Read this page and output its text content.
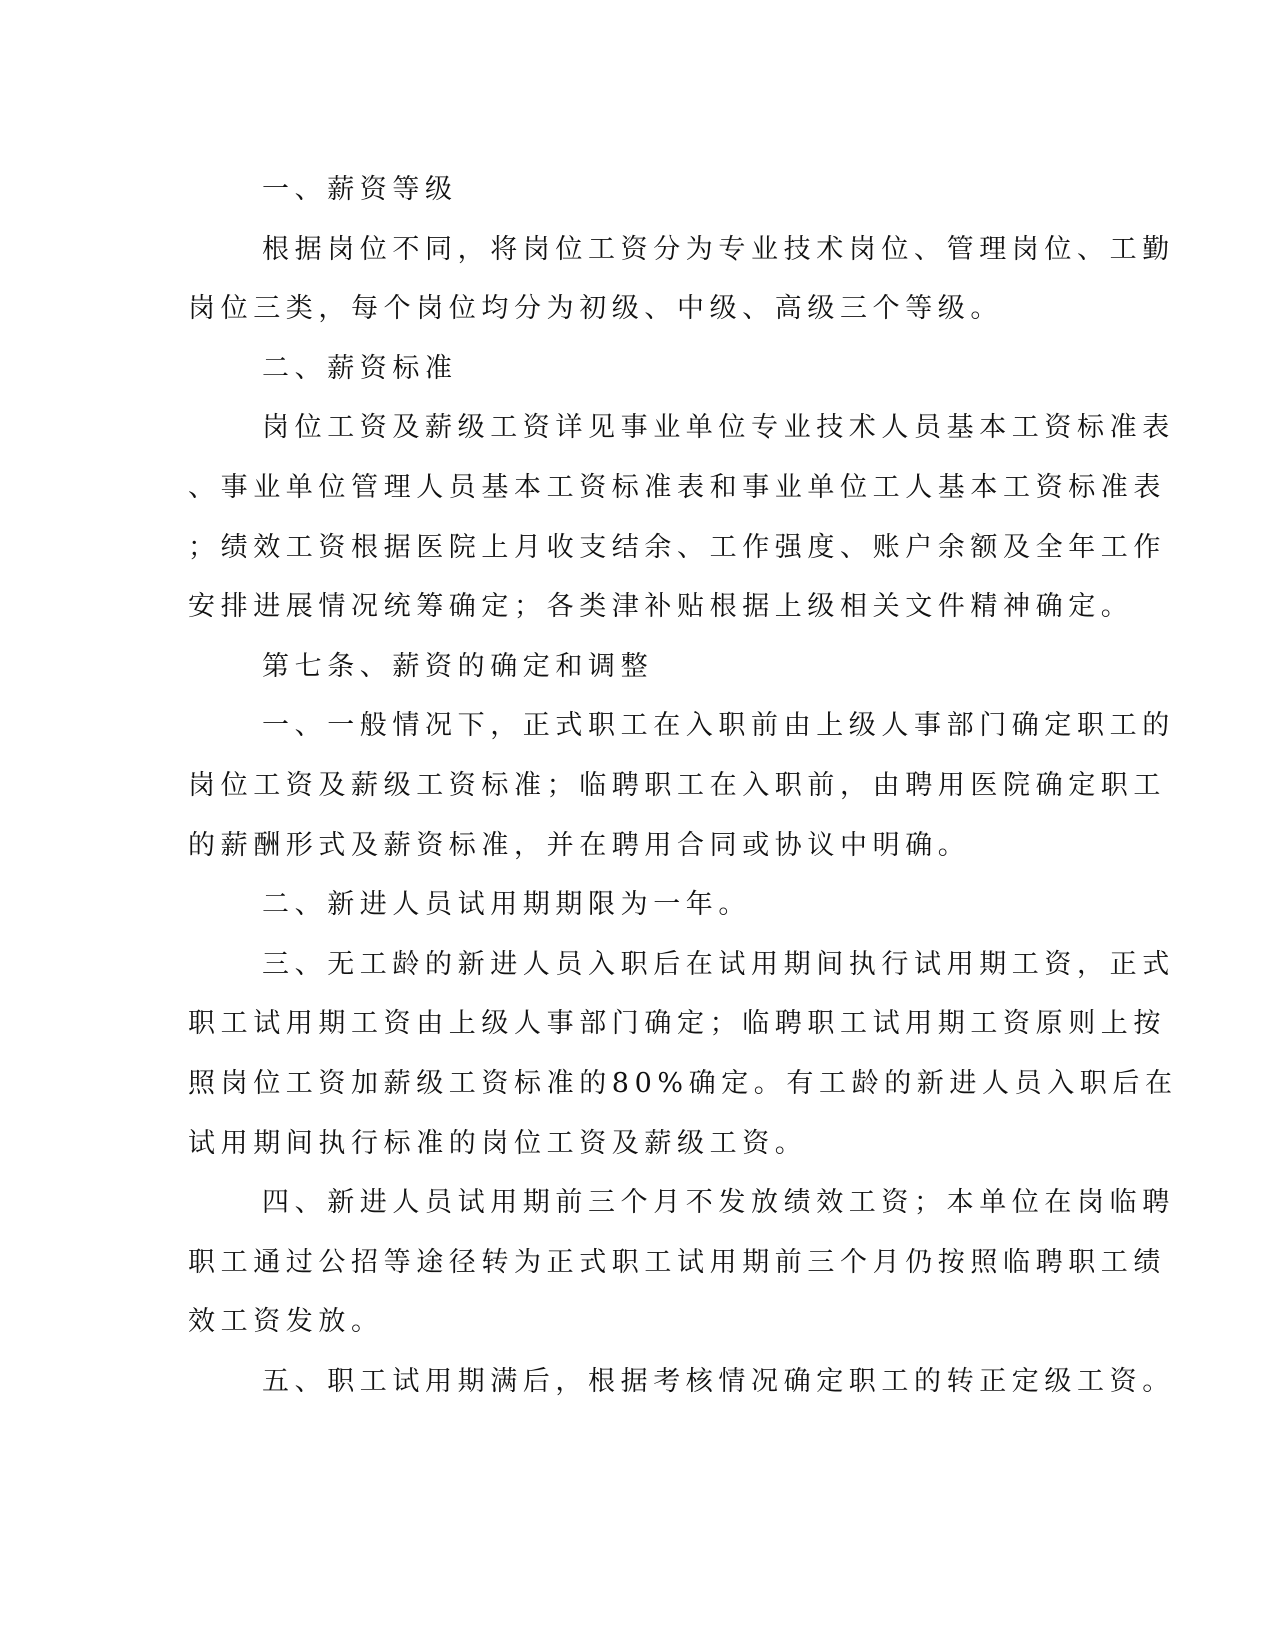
一、薪资等级
根据岗位不同，将岗位工资分为专业技术岗位、管理岗位、工勤
岗位三类，每个岗位均分为初级、中级、高级三个等级。
二、薪资标准
岗位工资及薪级工资详见事业单位专业技术人员基本工资标准表
、事业单位管理人员基本工资标准表和事业单位工人基本工资标准表
；绩效工资根据医院上月收支结余、工作强度、账户余额及全年工作
安排进展情况统筹确定；各类津补贴根据上级相关文件精神确定。
第七条、薪资的确定和调整
一、一般情况下，正式职工在入职前由上级人事部门确定职工的
岗位工资及薪级工资标准；临聘职工在入职前，由聘用医院确定职工
的薪酬形式及薪资标准，并在聘用合同或协议中明确。
二、新进人员试用期期限为一年。
三、无工龄的新进人员入职后在试用期间执行试用期工资，正式
职工试用期工资由上级人事部门确定；临聘职工试用期工资原则上按
照岗位工资加薪级工资标准的80%确定。有工龄的新进人员入职后在
试用期间执行标准的岗位工资及薪级工资。
四、新进人员试用期前三个月不发放绩效工资；本单位在岗临聘
职工通过公招等途径转为正式职工试用期前三个月仍按照临聘职工绩
效工资发放。
五、职工试用期满后，根据考核情况确定职工的转正定级工资。
